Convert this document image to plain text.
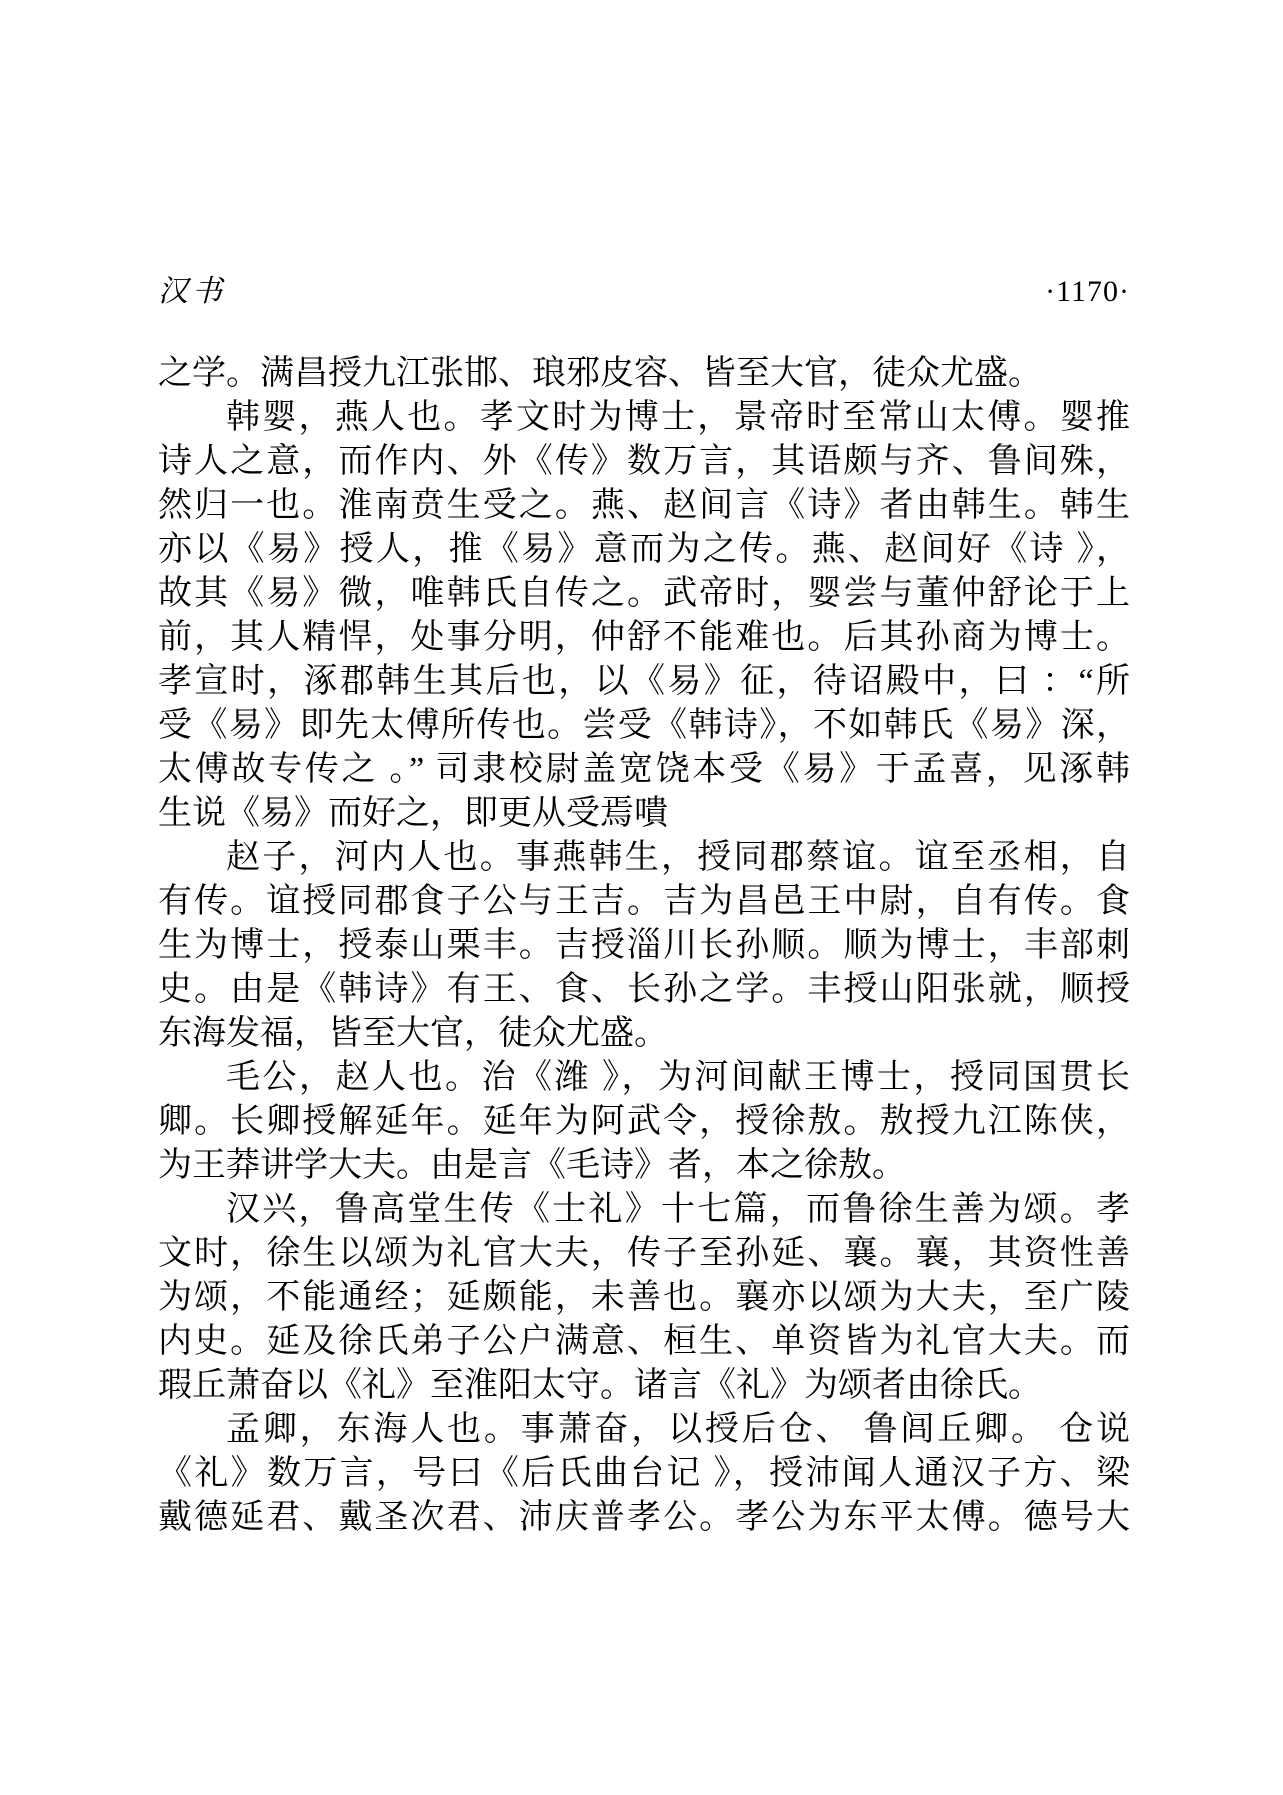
汉书	·1170·
之学。满昌授九江张邯、琅邪皮容、皆至大官，徒众尤盛。
韩婴，燕人也。孝文时为博士，景帝时至常山太傅。婴推
诗人之意，而作内、外《传》数万言，其语颇与齐、鲁间殊，
然归一也。淮南贲生受之。燕、赵间言《诗》者由韩生。韩生
亦以《易》授人，推《易》意而为之传。燕、赵间好《诗 》，
故其《易》微，唯韩氏自传之。武帝时，婴尝与董仲舒论于上
前，其人精悍，处事分明，仲舒不能难也。后其孙商为博士。
孝宣时，涿郡韩生其后也，以《易》征，待诏殿中，曰 ：“所
受《易》即先太傅所传也。尝受《韩诗》，不如韩氏《易》深，
太傅故专传之 。” 司隶校尉盖宽饶本受《易》于孟喜，见涿韩
生说《易》而好之，即更从受焉嘳
赵子，河内人也。事燕韩生，授同郡蔡谊。谊至丞相，自
有传。谊授同郡食子公与王吉。吉为昌邑王中尉，自有传。食
生为博士，授泰山栗丰。吉授淄川长孙顺。顺为博士，丰部刺
史。由是《韩诗》有王、食、长孙之学。丰授山阳张就，顺授
东海发福，皆至大官，徒众尤盛。
毛公，赵人也。治《潍 》，为河间献王博士，授同国贯长
卿。长卿授解延年。延年为阿武令，授徐敖。敖授九江陈侠，
为王莽讲学大夫。由是言《毛诗》者，本之徐敖。
汉兴，鲁高堂生传《士礼》十七篇，而鲁徐生善为颂。孝
文时，徐生以颂为礼官大夫，传子至孙延、襄。襄，其资性善
为颂，不能通经；延颇能，未善也。襄亦以颂为大夫，至广陵
内史。延及徐氏弟子公户满意、桓生、单资皆为礼官大夫。而
瑕丘萧奋以《礼》至淮阳太守。诸言《礼》为颂者由徐氏。
孟卿，东海人也。事萧奋，以授后仓、 鲁闾丘卿。 仓说
《礼》数万言，号曰《后氏曲台记 》，授沛闻人通汉子方、梁
戴德延君、戴圣次君、沛庆普孝公。孝公为东平太傅。德号大
